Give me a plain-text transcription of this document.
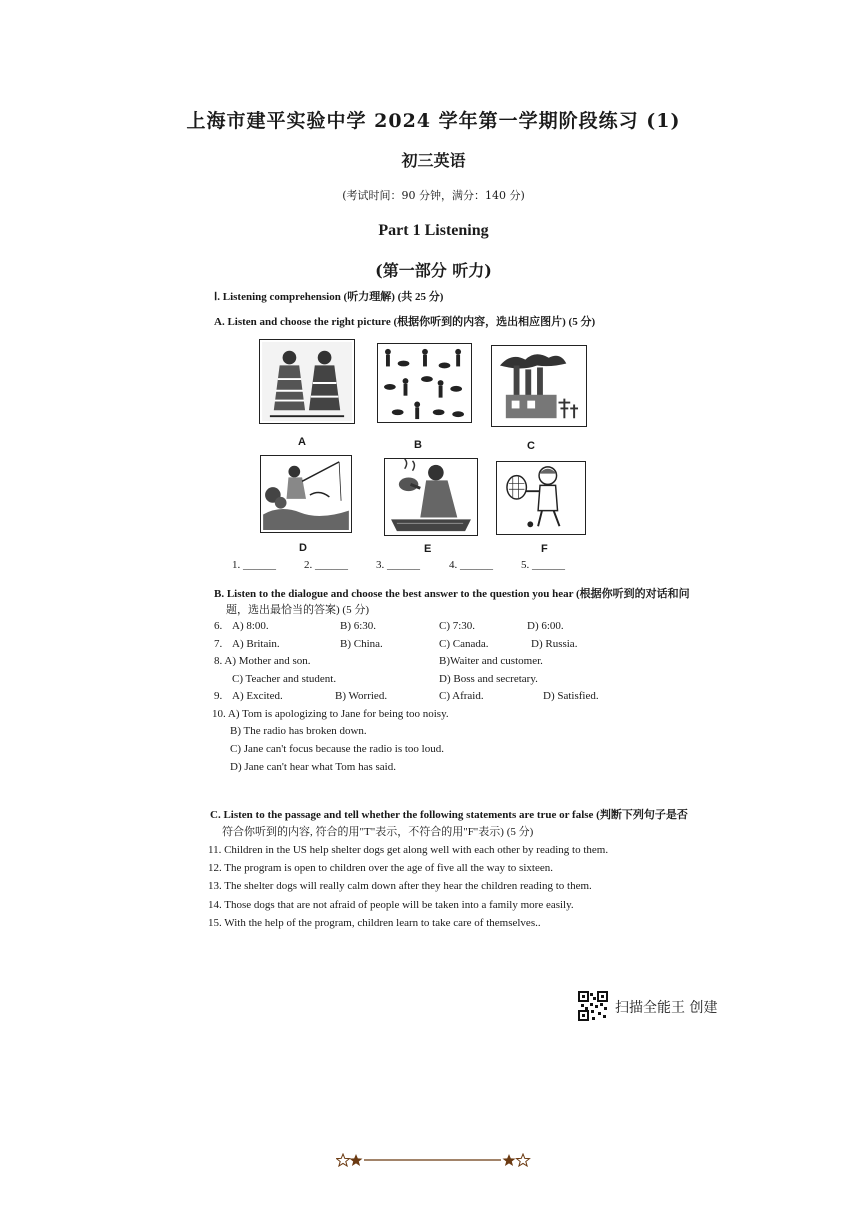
上海市建平实验中学 2024 学年第一学期阶段练习 (1)
初三英语
(考试时间：90 分钟，满分：140 分)
Part 1 Listening
(第一部分 听力)
Ⅰ. Listening comprehension (听力理解) (共 25 分)
A. Listen and choose the right picture (根据你听到的内容，选出相应图片) (5 分)
A	B	C
D	E	F
1. ______	2. ______	3. ______	4. ______	5. ______
B. Listen to the dialogue and choose the best answer to the question you hear (根据你听到的对话和问
题，选出最恰当的答案) (5 分)
6. A) 8:00.	B) 6:30.	C) 7:30.	D) 6:00.
7. A) Britain.	B) China.	C) Canada.	D) Russia.
8. A) Mother and son.	B)Waiter and customer.
C) Teacher and student.	D) Boss and secretary.
9. A) Excited.	B) Worried.	C) Afraid.	D) Satisfied.
10. A) Tom is apologizing to Jane for being too noisy.
B) The radio has broken down.
C) Jane can't focus because the radio is too loud.
D) Jane can't hear what Tom has said.
C. Listen to the passage and tell whether the following statements are true or false (判断下列句子是否
符合你听到的内容, 符合的用"T"表示，不符合的用"F"表示) (5 分)
11. Children in the US help shelter dogs get along well with each other by reading to them.
12. The program is open to children over the age of five all the way to sixteen.
13. The shelter dogs will really calm down after they hear the children reading to them.
14. Those dogs that are not afraid of people will be taken into a family more easily.
15. With the help of the program, children learn to take care of themselves..
扫描全能王 创建
